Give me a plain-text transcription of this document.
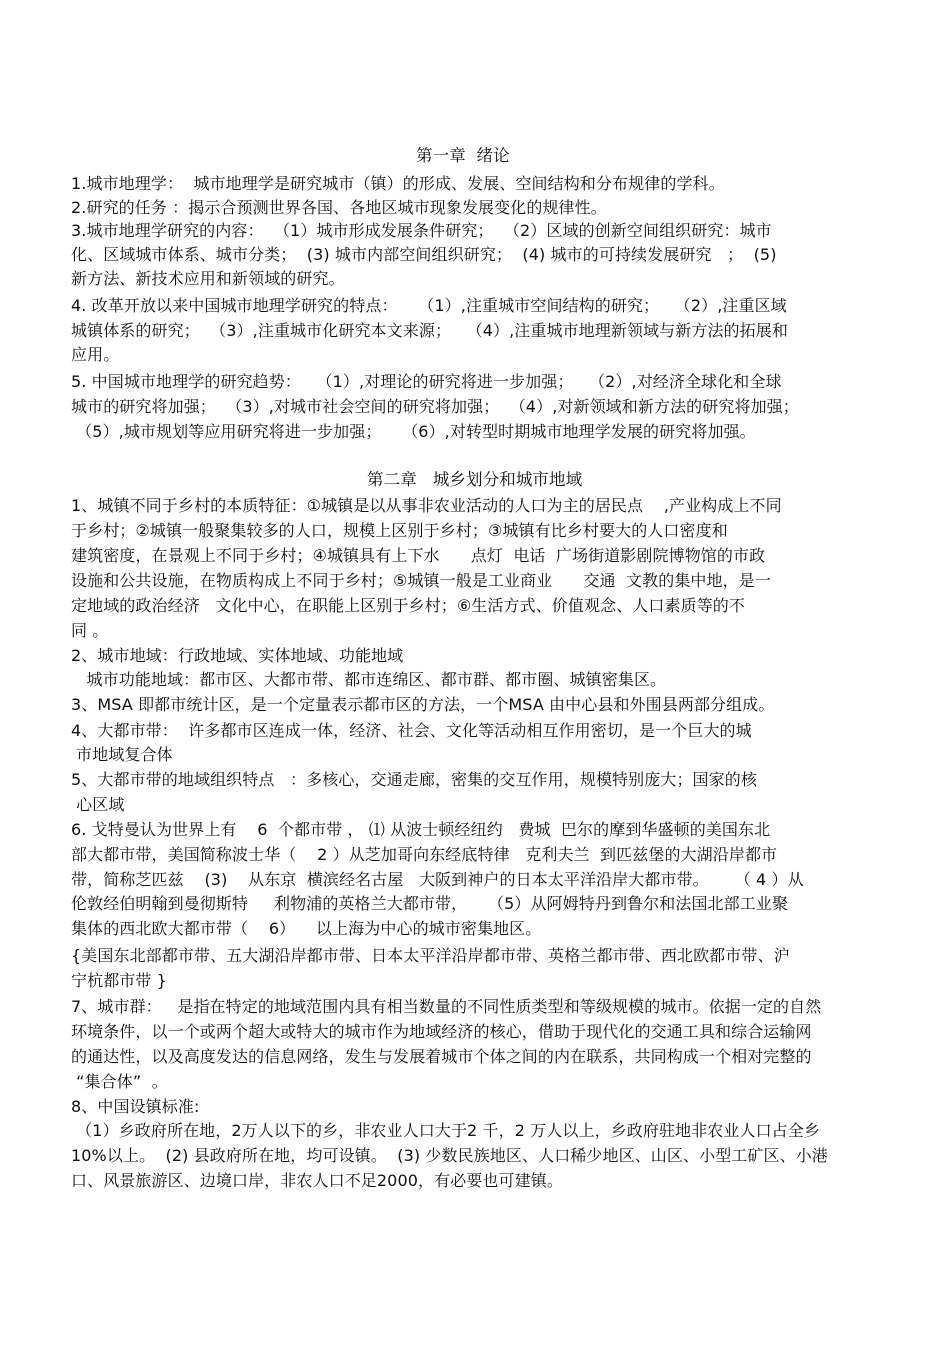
第一章  绪论
1.城市地理学：  城市地理学是研究城市（镇）的形成、发展、空间结构和分布规律的学科。
2.研究的任务 ：揭示合预测世界各国、各地区城市现象发展变化的规律性。
3.城市地理学研究的内容：  （1）城市形成发展条件研究；  （2）区域的创新空间组织研究：城市
化、区域城市体系、城市分类；  (3) 城市内部空间组织研究；  (4) 城市的可持续发展研究   ；  (5)
新方法、新技术应用和新领域的研究。
4. 改革开放以来中国城市地理学研究的特点：    （1）,注重城市空间结构的研究；   （2）,注重区域
城镇体系的研究；  （3）,注重城市化研究本文来源；   （4）,注重城市地理新领域与新方法的拓展和
应用。
5. 中国城市地理学的研究趋势：   （1）,对理论的研究将进一步加强；   （2）,对经济全球化和全球
城市的研究将加强；  （3）,对城市社会空间的研究将加强；  （4）,对新领域和新方法的研究将加强；
（5）,城市规划等应用研究将进一步加强；    （6）,对转型时期城市地理学发展的研究将加强。
第二章   城乡划分和城市地域
1、城镇不同于乡村的本质特征：①城镇是以从事非农业活动的人口为主的居民点    ,产业构成上不同
于乡村；②城镇一般聚集较多的人口，规模上区别于乡村；③城镇有比乡村要大的人口密度和
建筑密度，在景观上不同于乡村；④城镇具有上下水      点灯  电话  广场街道影剧院博物馆的市政
设施和公共设施，在物质构成上不同于乡村；⑤城镇一般是工业商业      交通  文教的集中地，是一
定地域的政治经济   文化中心，在职能上区别于乡村；⑥生活方式、价值观念、人口素质等的不
同 。
2、城市地域：行政地域、实体地域、功能地域
城市功能地域：都市区、大都市带、都市连绵区、都市群、都市圈、城镇密集区。
3、MSA 即都市统计区，是一个定量表示都市区的方法，一个MSA 由中心县和外围县两部分组成。
4、大都市带：  许多都市区连成一体，经济、社会、文化等活动相互作用密切，是一个巨大的城
市地域复合体
5、大都市带的地域组织特点   ：多核心，交通走廊，密集的交互作用，规模特别庞大；国家的核
心区域
6. 戈特曼认为世界上有    6  个都市带 ， ⑴ 从波士顿经纽约   费城  巴尔的摩到华盛顿的美国东北
部大都市带，美国简称波士华（    2 ）从芝加哥向东经底特律   克利夫兰  到匹兹堡的大湖沿岸都市
带，简称芝匹兹    (3)    从东京  横滨经名古屋   大阪到神户的日本太平洋沿岸大都市带。     （ 4 ）从
伦敦经伯明翰到曼彻斯特     利物浦的英格兰大都市带，    （5）从阿姆特丹到鲁尔和法国北部工业聚
集体的西北欧大都市带（    6）    以上海为中心的城市密集地区。
{美国东北部都市带、五大湖沿岸都市带、日本太平洋沿岸都市带、英格兰都市带、西北欧都市带、沪
宁杭都市带 }
7、城市群：   是指在特定的地域范围内具有相当数量的不同性质类型和等级规模的城市。依据一定的自然
环境条件，以一个或两个超大或特大的城市作为地域经济的核心，借助于现代化的交通工具和综合运输网
的通达性，以及高度发达的信息网络，发生与发展着城市个体之间的内在联系，共同构成一个相对完整的
“集合体”  。
8、中国设镇标准:
（1）乡政府所在地，2万人以下的乡，非农业人口大于2 千，2 万人以上，乡政府驻地非农业人口占全乡
10%以上。  (2) 县政府所在地，均可设镇。  (3) 少数民族地区、人口稀少地区、山区、小型工矿区、小港
口、风景旅游区、边境口岸，非农人口不足2000，有必要也可建镇。
